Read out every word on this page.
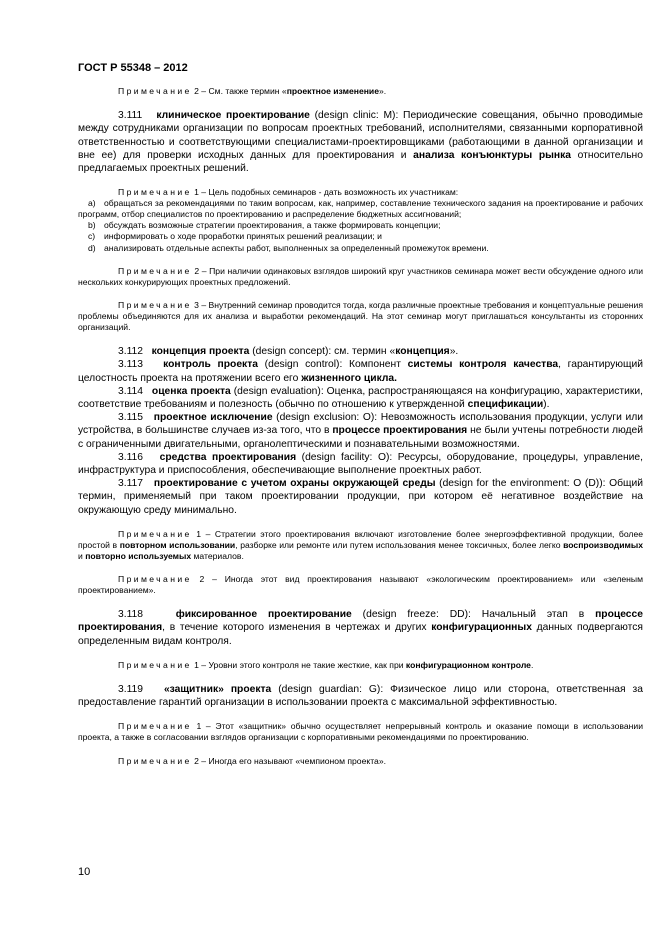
ГОСТ Р 55348 – 2012

Примечание 2 – См. также термин «проектное изменение».

3.111 клиническое проектирование (design clinic: M): Периодические совещания, обычно проводимые между сотрудниками организации по вопросам проектных требований, исполнителями, связанными корпоративной ответственностью и соответствующими специалистами-проектировщиками (работающими в данной организации и вне ее) для проверки исходных данных для проектирования и анализа конъюнктуры рынка относительно предлагаемых проектных решений.

Примечание 1 – Цель подобных семинаров - дать возможность их участникам:

a) обращаться за рекомендациями по таким вопросам, как, например, составление технического задания на проектирование и рабочих программ, отбор специалистов по проектированию и распределение бюджетных ассигнований;
b) обсуждать возможные стратегии проектирования, а также формировать концепции;
c) информировать о ходе проработки принятых решений реализации; и
d) анализировать отдельные аспекты работ, выполненных за определенный промежуток времени.

Примечание 2 – При наличии одинаковых взглядов широкий круг участников семинара может вести обсуждение одного или нескольких конкурирующих проектных предложений.

Примечание 3 – Внутренний семинар проводится тогда, когда различные проектные требования и концептуальные решения проблемы объединяются для их анализа и выработки рекомендаций. На этот семинар могут приглашаться консультанты из сторонних организаций.

3.112 концепция проекта (design concept): см. термин «концепция».

3.113 контроль проекта (design control): Компонент системы контроля качества, гарантирующий целостность проекта на протяжении всего его жизненного цикла.

3.114 оценка проекта (design evaluation): Оценка, распространяющаяся на конфигурацию, характеристики, соответствие требованиям и полезность (обычно по отношению к утвержденной спецификации).

3.115 проектное исключение (design exclusion: O): Невозможность использования продукции, услуги или устройства, в большинстве случаев из-за того, что в процессе проектирования не были учтены потребности людей с ограниченными двигательными, органолептическими и познавательными возможностями.

3.116 средства проектирования (design facility: O): Ресурсы, оборудование, процедуры, управление, инфраструктура и приспособления, обеспечивающие выполнение проектных работ.

3.117 проектирование с учетом охраны окружающей среды (design for the environment: O (D)): Общий термин, применяемый при таком проектировании продукции, при котором её негативное воздействие на окружающую среду минимально.

Примечание 1 – Стратегии этого проектирования включают изготовление более энергоэффективной продукции, более простой в повторном использовании, разборке или ремонте или путем использования менее токсичных, более легко воспроизводимых и повторно используемых материалов.

Примечание 2 – Иногда этот вид проектирования называют «экологическим проектированием» или «зеленым проектированием».

3.118	фиксированное проектирование (design freeze: DD): Начальный этап в процессе проектирования, в течение которого изменения в чертежах и других конфигурационных данных подвергаются определенным видам контроля.

Примечание 1 – Уровни этого контроля не такие жесткие, как при конфигурационном контроле.

3.119 «защитник» проекта (design guardian: G): Физическое лицо или сторона, ответственная за предоставление гарантий организации в использовании проекта с максимальной эффективностью.

Примечание 1 – Этот «защитник» обычно осуществляет непрерывный контроль и оказание помощи в использовании проекта, а также в согласовании взглядов организации с корпоративными рекомендациями по проектированию.

Примечание 2 – Иногда его называют «чемпионом проекта».

10
